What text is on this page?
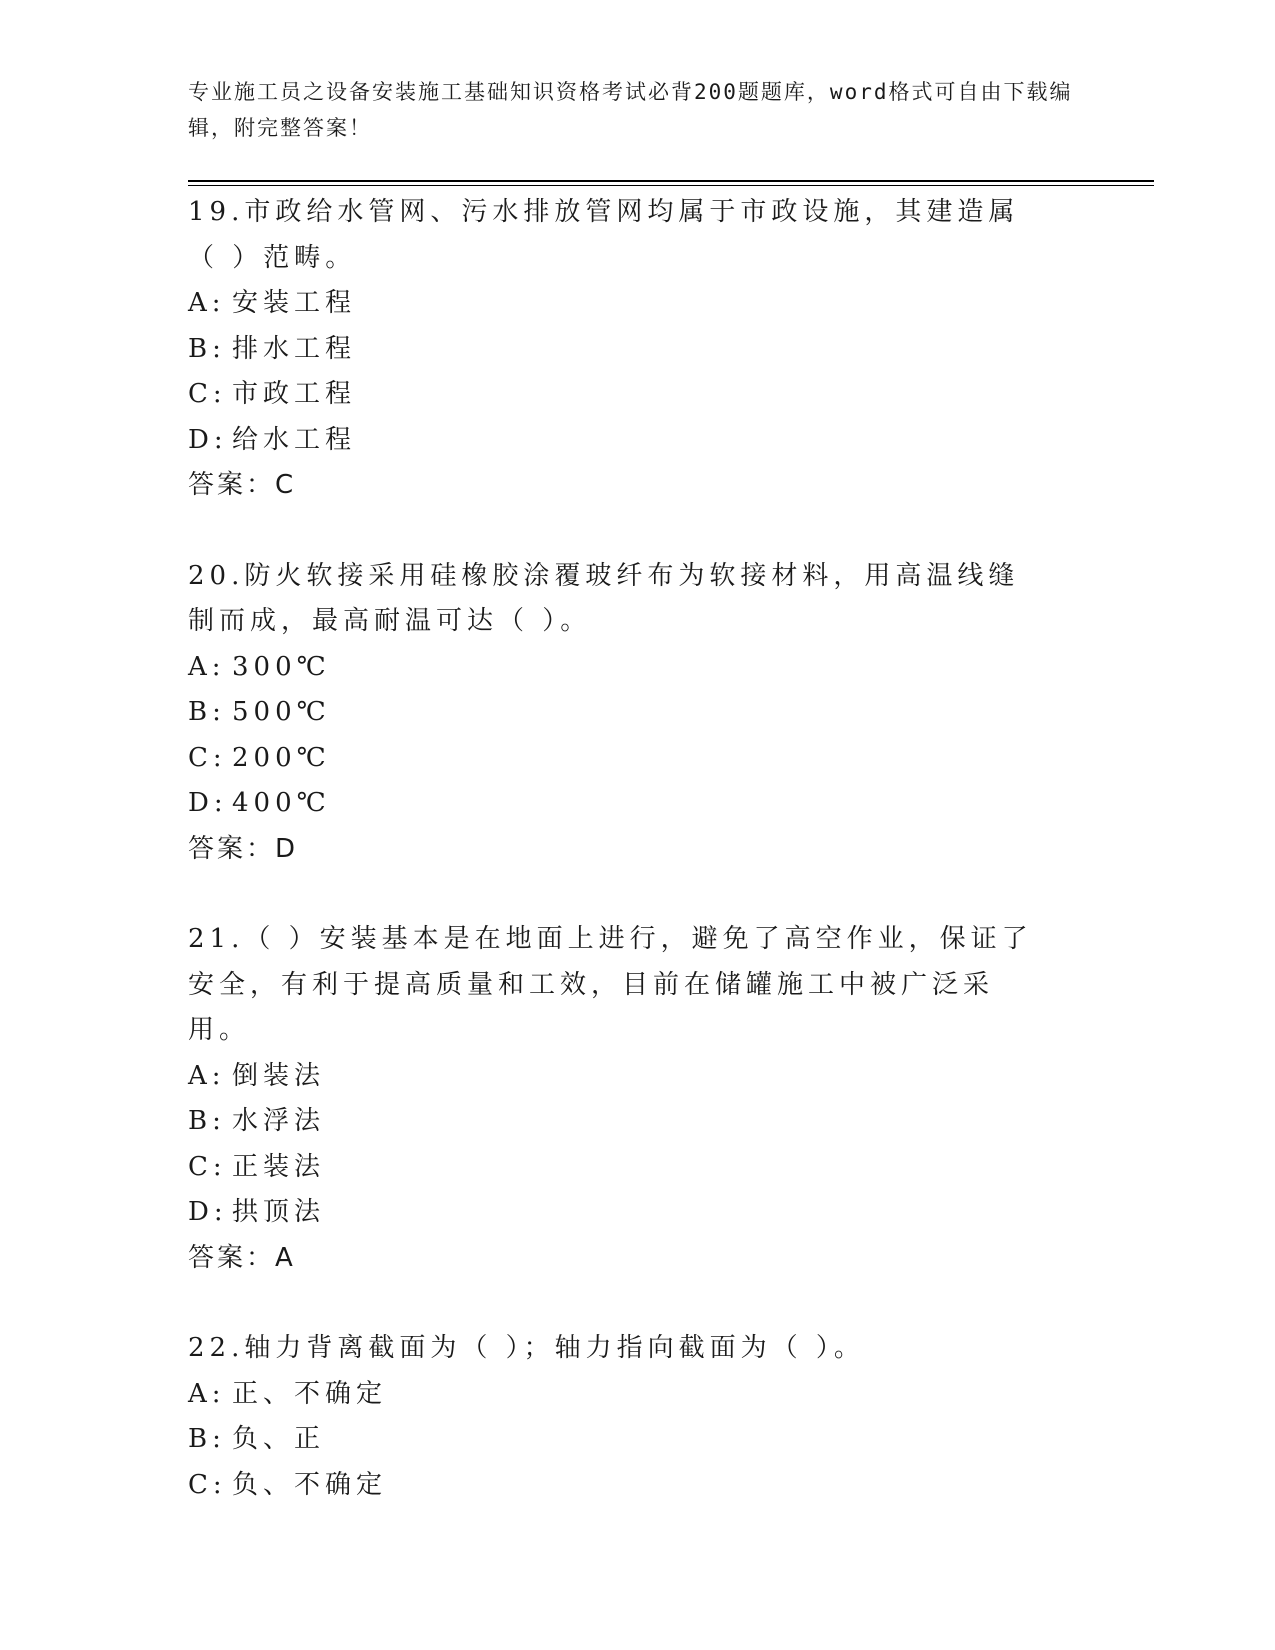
专业施工员之设备安装施工基础知识资格考试必背200题题库，word格式可自由下载编辑，附完整答案！

19.市政给水管网、污水排放管网均属于市政设施，其建造属（ ）范畴。

A: 安装工程

B: 排水工程

C: 市政工程

D: 给水工程

答案：C

20.防火软接采用硅橡胶涂覆玻纤布为软接材料，用高温线缝制而成，最高耐温可达（ ）。

A: 300℃

B: 500℃

C: 200℃

D: 400℃

答案：D

21.（ ）安装基本是在地面上进行，避免了高空作业，保证了安全，有利于提高质量和工效，目前在储罐施工中被广泛采用。

A: 倒装法

B: 水浮法

C: 正装法

D: 拱顶法

答案：A

22.轴力背离截面为（ ）；轴力指向截面为（ ）。

A: 正、不确定

B: 负、正

C: 负、不确定
